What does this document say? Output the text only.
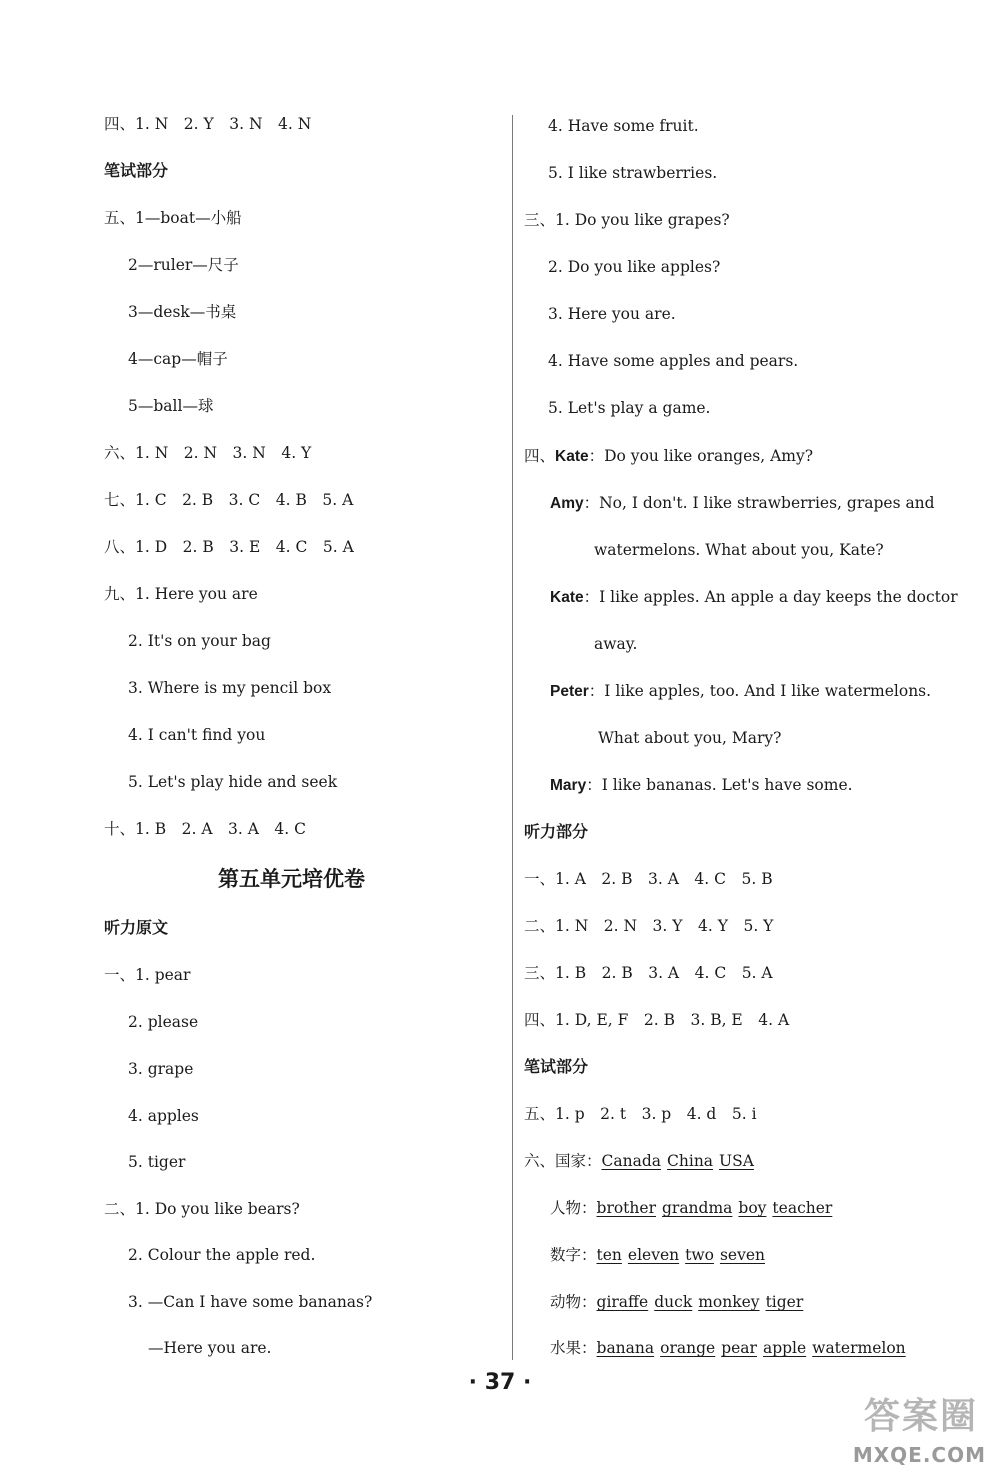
四、1. N　2. Y　3. N　4. N
笔试部分
五、1—boat—小船
2—ruler—尺子
3—desk—书桌
4—cap—帽子
5—ball—球
六、1. N　2. N　3. N　4. Y
七、1. C　2. B　3. C　4. B　5. A
八、1. D　2. B　3. E　4. C　5. A
九、1. Here you are
2. It's on your bag
3. Where is my pencil box
4. I can't find you
5. Let's play hide and seek
十、1. B　2. A　3. A　4. C
第五单元培优卷
听力原文
一、1. pear
2. please
3. grape
4. apples
5. tiger
二、1. Do you like bears?
2. Colour the apple red.
3. —Can I have some bananas?
—Here you are.
4. Have some fruit.
5. I like strawberries.
三、1. Do you like grapes?
2. Do you like apples?
3. Here you are.
4. Have some apples and pears.
5. Let's play a game.
四、Kate：Do you like oranges, Amy?
Amy：No, I don't. I like strawberries, grapes and
watermelons. What about you, Kate?
Kate：I like apples. An apple a day keeps the doctor
away.
Peter：I like apples, too. And I like watermelons.
What about you, Mary?
Mary：I like bananas. Let's have some.
听力部分
一、1. A　2. B　3. A　4. C　5. B
二、1. N　2. N　3. Y　4. Y　5. Y
三、1. B　2. B　3. A　4. C　5. A
四、1. D, E, F　2. B　3. B, E　4. A
笔试部分
五、1. p　2. t　3. p　4. d　5. i
六、国家：Canada China USA
人物：brother grandma boy teacher
数字：ten eleven two seven
动物：giraffe duck monkey tiger
水果：banana orange pear apple watermelon
· 37 ·
答案圈
MXQE.COM
